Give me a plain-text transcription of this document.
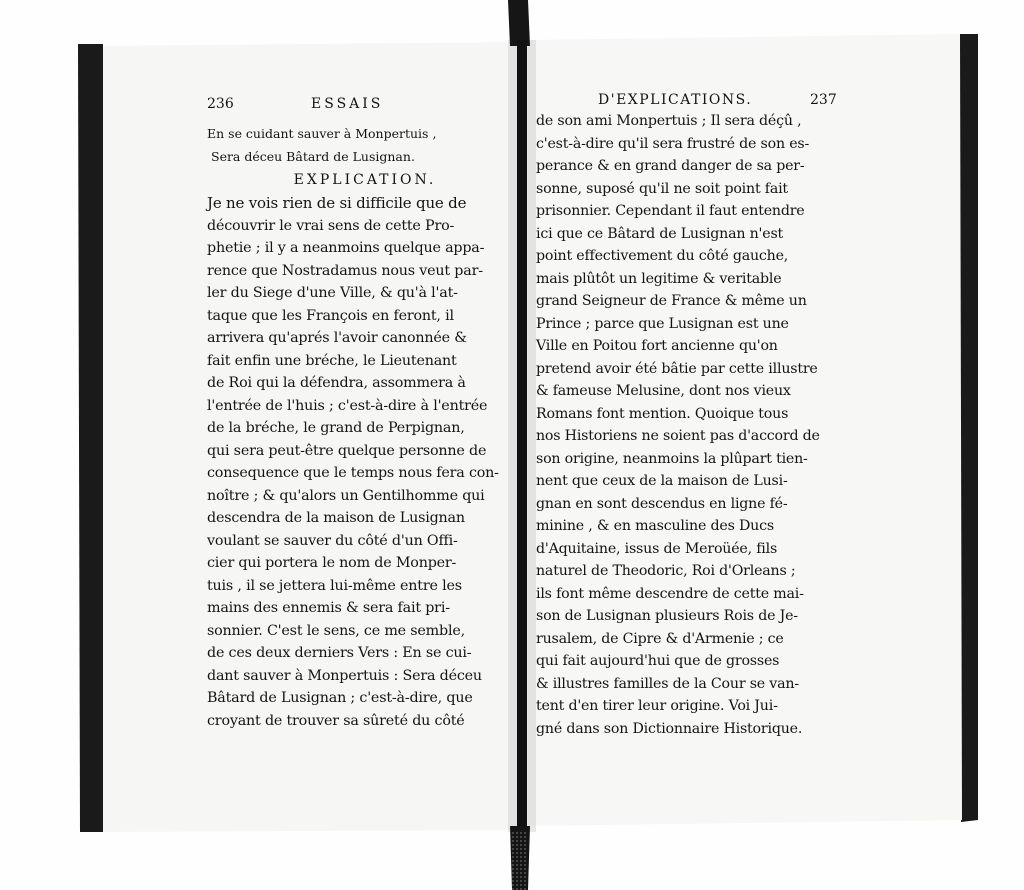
236	ESSAIS

En se cuidant sauver à Monpertuis ,

Sera déceu Bâtard de Lusignan.

EXPLICATION.

Je ne vois rien de si difficile que de

découvrir le vrai sens de cette Pro-

phetie ; il y a neanmoins quelque appa-

rence que Nostradamus nous veut par-

ler du Siege d'une Ville, & qu'à l'at-

taque que les François en feront, il

arrivera qu'aprés l'avoir canonnée &

fait enfin une bréche, le Lieutenant

de Roi qui la défendra, assommera à

l'entrée de l'huis ; c'est-à-dire à l'entrée

de la bréche, le grand de Perpignan,

qui sera peut-être quelque personne de

consequence que le temps nous fera con-

noître ; & qu'alors un Gentilhomme qui

descendra de la maison de Lusignan

voulant se sauver du côté d'un Offi-

cier qui portera le nom de Monper-

tuis , il se jettera lui-même entre les

mains des ennemis & sera fait pri-

sonnier. C'est le sens, ce me semble,

de ces deux derniers Vers : En se cui-

dant sauver à Monpertuis : Sera déceu

Bâtard de Lusignan ; c'est-à-dire, que

croyant de trouver sa sûreté du côté

D'EXPLICATIONS.	237

de son ami Monpertuis ; Il sera déçû ,

c'est-à-dire qu'il sera frustré de son es-

perance & en grand danger de sa per-

sonne, suposé qu'il ne soit point fait

prisonnier. Cependant il faut entendre

ici que ce Bâtard de Lusignan n'est

point effectivement du côté gauche,

mais plûtôt un legitime & veritable

grand Seigneur de France & même un

Prince ; parce que Lusignan est une

Ville en Poitou fort ancienne qu'on

pretend avoir été bâtie par cette illustre

& fameuse Melusine, dont nos vieux

Romans font mention. Quoique tous

nos Historiens ne soient pas d'accord de

son origine, neanmoins la plûpart tien-

nent que ceux de la maison de Lusi-

gnan en sont descendus en ligne fé-

minine , & en masculine des Ducs

d'Aquitaine, issus de Meroüée, fils

naturel de Theodoric, Roi d'Orleans ;

ils font même descendre de cette mai-

son de Lusignan plusieurs Rois de Je-

rusalem, de Cipre & d'Armenie ; ce

qui fait aujourd'hui que de grosses

& illustres familles de la Cour se van-

tent d'en tirer leur origine. Voi Jui-

gné dans son Dictionnaire Historique.
